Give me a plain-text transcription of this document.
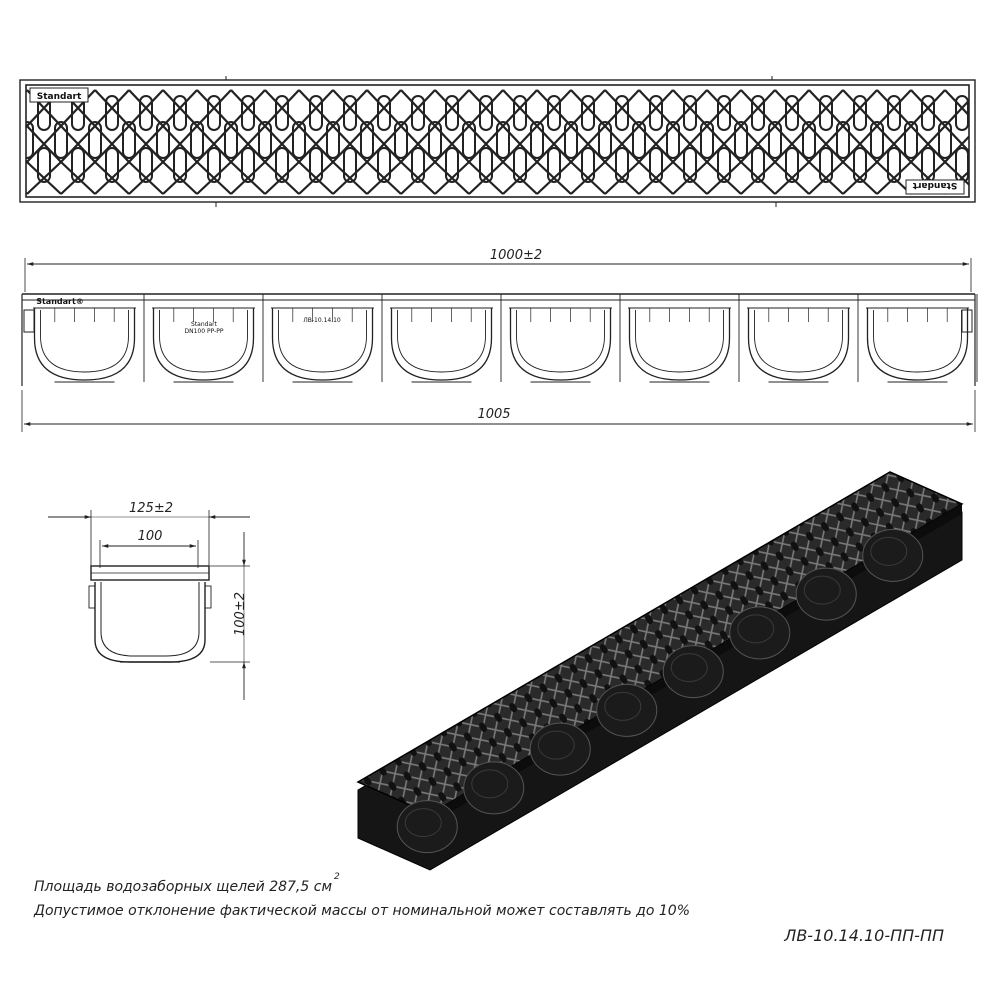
Standart
Standart
1000±2
Standart®
Standart DN100 PP-PP
ЛВ-10.14.10
1005
125±2
100
100±2
Площадь водозаборных щелей 287,5 $см^2$
Допустимое отклонение фактической массы от номинальной может составлять до 10%
ЛВ-10.14.10-ПП-ПП
